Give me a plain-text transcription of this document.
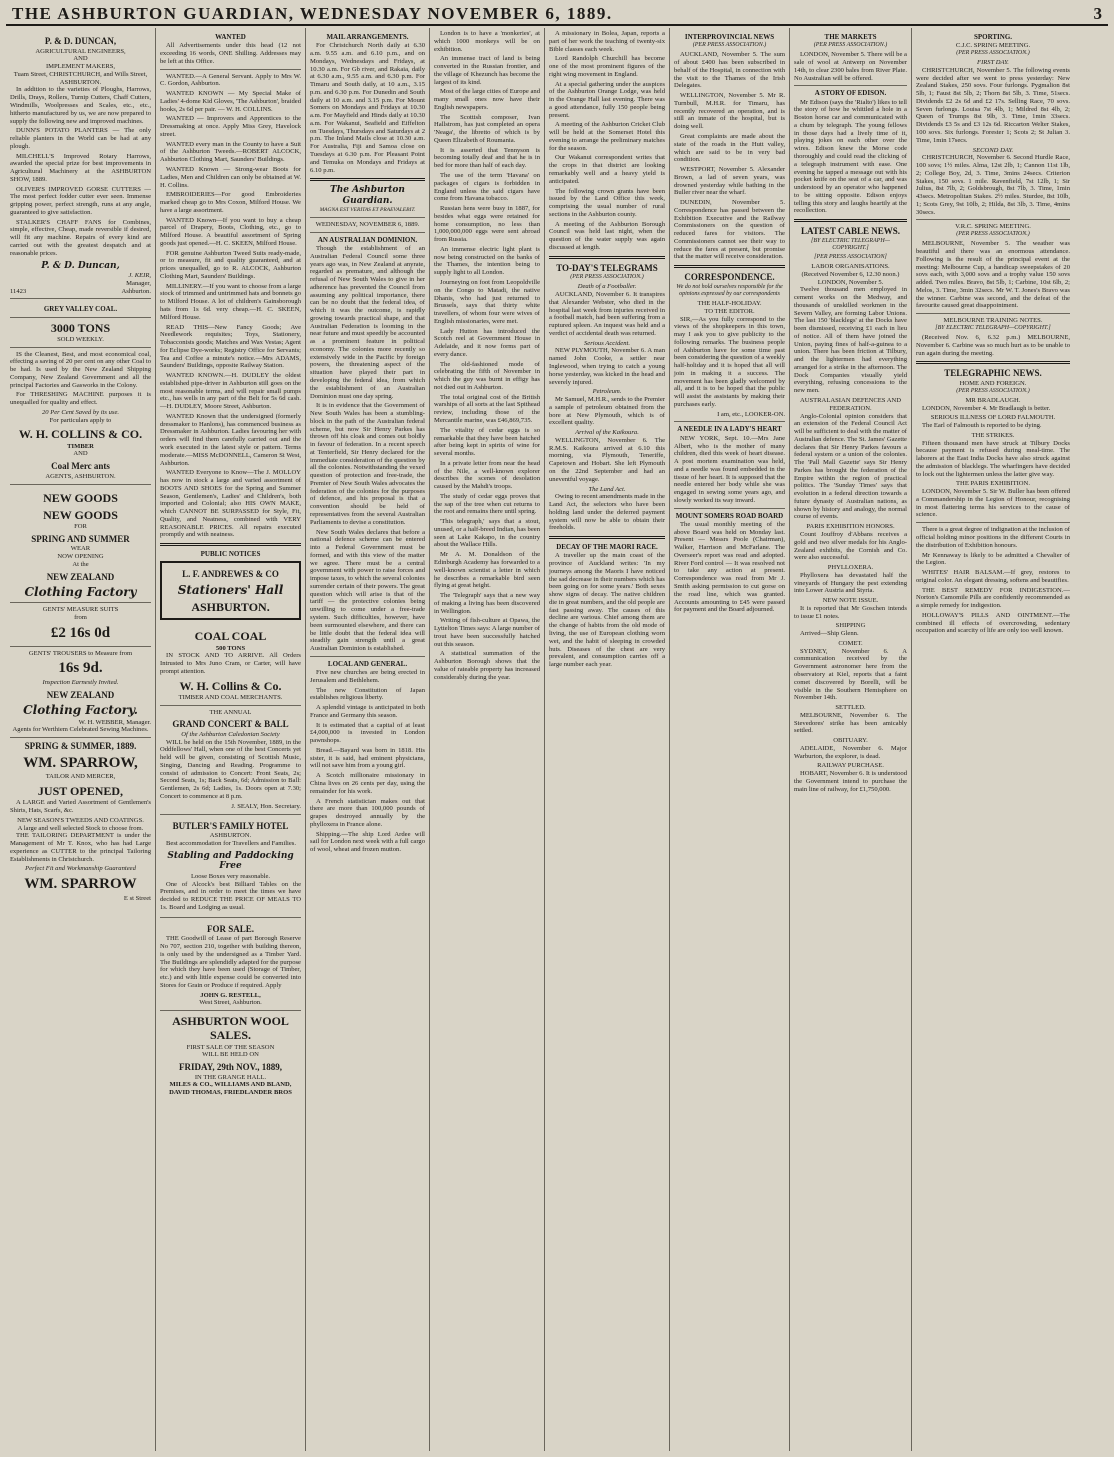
THE ASHBURTON GUARDIAN, WEDNESDAY NOVEMBER 6, 1889.	3
P. & D. DUNCAN,
AGRICULTURAL ENGINEERS,
AND
IMPLEMENT MAKERS,
Tuam Street, CHRISTCHURCH, and Wills Street, ASHBURTON.

In addition to the varieties of Ploughs, Harrows, Drills, Drays, Rollers, Turnip Cutters, Chaff Cutters, Windmills, Woolpresses and Scales, etc., etc., hitherto manufactured by us, we are now prepared to supply the following new and improved machines.

DUNN'S POTATO PLANTERS — The only reliable planters in the World can be had at any plough.

MILCHELL'S Improved Rotary Harrows, awarded the special prize for best improvements in Agricultural Machinery at the ASHBURTON SHOW, 1889.

OLIVER'S IMPROVED GORSE CUTTERS — The most perfect fodder cutter ever seen. Immense gripping power, perfect strength, runs at any angle, guaranteed to give satisfaction.

STALKER'S CHAFF FANS for Combines, simple, effective, Cheap, made reversible if desired, will fit any machine. Repairs of every kind are carried out with the greatest despatch and at reasonable prices.

P. & D. Duncan,
J. KEIR,
Manager,
11423	Ashburton.
GREY VALLEY COAL.
3000 TONS
SOLD WEEKLY.

IS the Cleanest, Best, and most economical coal, effecting a saving of 20 per cent on any other Coal to be had. Is used by the New Zealand Shipping Company, New Zealand Government and all the principal Factories and Gasworks in the Colony.

For THRESHING MACHINE purposes it is unequalled for quality and effect.

20 Per Cent Saved by its use.
For particulars apply to
W. H. COLLINS & CO.
TIMBER
AND
Coal Merc ants
AGENTS, ASHBURTON.
NEW GOODS
NEW GOODS
FOR
SPRING AND SUMMER
WEAR
NOW OPENING
At the
NEW ZEALAND
Clothing Factory
GENTS' MEASURE SUITS
from
£2 16s 0d
GENTS' TROUSERS to Measure from
16s 9d.
Inspection Earnestly Invited.
NEW ZEALAND
Clothing Factory.
W. H. WEBBER, Manager.
Agents for Werthiem Celebrated Sewing Machines.
SPRING & SUMMER, 1889.
WM. SPARROW,
TAILOR AND MERCER,
JUST OPENED,

A LARGE and Varied Assortment of Gentlemen's Shirts, Hats, Scarfs, &c.

NEW SEASON'S TWEEDS AND COATINGS.
A large and well selected Stock to choose from.

THE TAILORING DEPARTMENT is under the Management of Mr T. Knox, who has had Large experience as CUTTER to the principal Tailoring Establishments in Christchurch.

Perfect Fit and Workmanship Guaranteed
WM. SPARROW
E st Street
WANTED

All Advertisements under this head (12 not exceeding 16 words, ONE Shilling. Addresses may be left at this Office.

WANTED.—A General Servant. Apply to Mrs W. C. Gordon, Ashburton.

WANTED KNOWN — My Special Make of Ladies' 4-dome Kid Gloves, 'The Ashburton', braided hooks, 2s 6d per pair. — W. H. COLLINS.

WANTED — Improvers and Apprentices to the Dressmaking at once. Apply Miss Grey, Havelock street.

WANTED every man in the County to have a Suit of the Ashburton Tweeds.—ROBERT ALCOCK, Ashburton Clothing Mart, Saunders' Buildings.

WANTED Known — Strong-wear Boots for Ladies, Men and Children can only be obtained at W. H. Collins.

EMBROIDERIES—For good Embroideries marked cheap go to Mrs Coxon, Milford House. We have a large assortment.

WANTED Known—If you want to buy a cheap parcel of Drapery, Boots, Clothing, etc., go to Milford House. A beautiful assortment of Spring goods just opened.—H. C. SKEEN, Milford House.

FOR genuine Ashburton Tweed Suits ready-made, or to measure, fit and quality guaranteed, and at prices unequalled, go to R. ALCOCK, Ashburton Clothing Mart, Saunders' Buildings.

MILLINERY.—If you want to choose from a large stock of trimmed and untrimmed hats and bonnets go to Milford House. A lot of children's Gainsborough hats from 1s 6d. very cheap.—H. C. SKEEN, Milford House.

READ THIS—New Fancy Goods; Ave Needlework requisites; Toys, Stationery, Tobacconists goods; Matches and Wax Vestas; Agent for Eclipse Dye-works; Registry Office for Servants; Tea and Coffee a minute's notice.—Mrs ADAMS, Saunders' Buildings, opposite Railway Station.

WANTED KNOWN.—H. DUDLEY the oldest established pipe-driver in Ashburton still goes on the most reasonable terms, and will repair small pumps etc., has wells in any part of the Belt for 5s 6d cash.—H. DUDLEY, Moore Street, Ashburton.

WANTED Known that the undersigned (formerly dressmaker to Hanlons), has commenced business as Dressmaker in Ashburton. Ladies favouring her with orders will find them carefully carried out and the work executed in the latest style or pattern. Terms moderate.—MISS McDONNELL, Cameron St West, Ashburton.

WANTED Everyone to Know—The J. MOLLOY has now in stock a large and varied assortment of BOOTS AND SHOES for the Spring and Summer Season, Gentlemen's, Ladies' and Children's, both imported and Colonial; also HIS OWN MAKE, which CANNOT BE SURPASSED for Style, Fit, Quality, and Neatness, combined with VERY REASONABLE PRICES. All repairs executed promptly and with neatness.

PUBLIC NOTICES
L. F. ANDREWES & CO
Stationers' Hall
ASHBURTON.
COAL COAL
500 TONS

IN STOCK AND TO ARRIVE. All Orders Intrusted to Mrs Juno Cram, or Carter, will have prompt attention.

W. H. Collins & Co.
TIMBER AND COAL MERCHANTS.
THE ANNUAL
GRAND CONCERT & BALL
Of the Ashburton Caledonian Society

WILL be held on the 15th November, 1889, in the Oddfellows' Hall, when one of the best Concerts yet held will be given, consisting of Scottish Music, Singing, Dancing and Reading. Programme to consist of admission to Concert: Front Seats, 2s; Second Seats, 1s; Back Seats, 6d; Admission to Ball: Gentlemen, 2s 6d; Ladies, 1s. Doors open at 7.30; Concert to commence at 8 p.m.

J. SEALY, Hon. Secretary.
BUTLER'S FAMILY HOTEL
ASHBURTON.

Best accommodation for Travellers and Families.

Stabling and Paddocking Free
Loose Boxes very reasonable.

One of Alcock's best Billiard Tables on the Premises, and in order to meet the times we have decided to REDUCE THE PRICE OF MEALS TO 1s. Board and Lodging as usual.

FOR SALE.

THE Goodwill of Lease of part Borough Reserve No 707, section 210, together with building thereon, is only used by the undersigned as a Timber Yard. The Buildings are splendidly adapted for the purpose for which they have been used (Storage of Timber, etc.) and with little expense could be converted into Stores for Grain or Produce if required. Apply

JOHN G. RESTELL,
West Street, Ashburton.
ASHBURTON WOOL SALES.
FIRST SALE OF THE SEASON
WILL BE HELD ON
FRIDAY, 29th NOV., 1889,
IN THE GRANGE HALL.
MILES & CO., WILLIAMS AND BLAND, DAVID THOMAS, FRIEDLANDER BROS
MAIL ARRANGEMENTS.

For Christchurch North daily at 6.30 a.m. 9.55 a.m. and 6.10 p.m., and on Mondays, Wednesdays and Fridays, at 10.30 a.m. For Gb river, and Rakaia, daily at 6.30 a.m., 9.55 a.m. and 6.30 p.m. For Timaru and South daily, at 10 a.m., 3.15 p.m. and 6.30 p.m. For Dunedin and South daily at 10 a.m. and 3.15 p.m. For Mount Somers on Mondays and Fridays at 10.30 a.m. For Mayfield and Hinds daily at 10.30 a.m. For Wakanui, Seafield and Eiffelton on Tuesdays, Thursdays and Saturdays at 2 p.m. The Inland Mails close at 10.30 a.m. For Australia, Fiji and Samoa close on Tuesdays at 6.30 p.m. For Pleasant Point and Temuka on Mondays and Fridays at 6.10 p.m.

The Ashburton Guardian.
MAGNA EST VERITAS ET PRAEVALEBIT.
WEDNESDAY, NOVEMBER 6, 1889.
AN AUSTRALIAN DOMINION.

Though the establishment of an Australian Federal Council some three years ago was, in New Zealand at anyrate, regarded as premature, and although the refusal of New South Wales to give in her adherence has prevented the Council from assuming any political importance, there can be no doubt that the federal idea, of which it was the outcome, is rapidly growing towards practical shape, and that Australian Federation is looming in the near future and must speedily be accounted as a prominent feature in political economy. The colonies more recently so extensively wide in the Pacific by foreign powers, the threatening aspect of the situation have played their part in developing the federal idea, from which the establishment of an Australian Dominion must one day spring.

It is in evidence that the Government of New South Wales has been a stumbling-block in the path of the Australian federal scheme, but now Sir Henry Parkes has thrown off his cloak and comes out boldly in favour of federation. In a recent speech at Tenterfield, Sir Henry declared for the immediate consideration of the question by all the colonies. Notwithstanding the vexed question of protection and free-trade, the Premier of New South Wales advocates the federation of the colonies for the purposes of defence, and his proposal is that a convention should be held of representatives from the several Australian Parliaments to devise a constitution.

New South Wales declares that before a national defence scheme can be entered into a Federal Government must be formed, and with this view of the matter we agree. There must be a central government with power to raise forces and impose taxes, to which the several colonies surrender certain of their powers. The great question which will arise is that of the tariff — the protective colonies being unwilling to come under a free-trade system. Such difficulties, however, have been surmounted elsewhere, and there can be little doubt that the federal idea will steadily gain strength until a great Australian Dominion is established.

LOCAL AND GENERAL.

Five new churches are being erected in Jerusalem and Bethlehem.

The new Constitution of Japan establishes religious liberty.

A splendid vintage is anticipated in both France and Germany this season.

It is estimated that a capital of at least £4,000,000 is invested in London pawnshops.

Bread.—Bayard was born in 1818. His sister, it is said, had eminent physicians, will not save him from a young girl.

A Scotch millionaire missionary in China lives on 26 cents per day, using the remainder for his work.

A French statistician makes out that there are more than 100,000 pounds of grapes destroyed annually by the phylloxera in France alone.

Shipping.—The ship Lord Ardee will sail for London next week with a full cargo of wool, wheat and frozen mutton.

London is to have a 'monkeries', at which 1000 monkeys will be on exhibition.

An immense tract of land is being converted in the Russian frontier, and the village of Khezunch has become the largest of its kind.

Most of the large cities of Europe and many small ones now have their English newspapers.

The Scottish composer, Ivan Hallstrom, has just completed an opera 'Neaga', the libretto of which is by Queen Elizabeth of Roumania.

It is asserted that Tennyson is becoming totally deaf and that he is in bed for more than half of each day.

The use of the term 'Havana' on packages of cigars is forbidden in England unless the said cigars have come from Havana tobacco.

Russian hens were busy in 1887, for besides what eggs were retained for home consumption, no less than 1,000,000,000 eggs were sent abroad from Russia.

An immense electric light plant is now being constructed on the banks of the Thames, the intention being to supply light to all London.

Journeying on foot from Leopoldville on the Congo to Matadi, the native Dhanis, who had just returned to Brussels, says that thirty white travellers, of whom four were wives of English missionaries, were met.

Lady Hutton has introduced the Scotch reel at Government House in Adelaide, and it now forms part of every dance.

The old-fashioned mode of celebrating the fifth of November in which the guy was burnt in effigy has not died out in Ashburton.

The total original cost of the British warships of all sorts at the last Spithead review, including those of the Mercantile marine, was £46,869,735.

The vitality of cedar eggs is so remarkable that they have been hatched after being kept in spirits of wine for several months.

In a private letter from near the head of the Nile, a well-known explorer describes the scenes of desolation caused by the Mahdi's troops.

The study of cedar eggs proves that the sap of the tree when cut returns to the root and remains there until spring.

'This telegraph,' says that a stout, unused, or a half-breed Indian, has been seen at Lake Kakapo, in the country about the Wallace Hills.

Mr A. M. Donaldson of the Edinburgh Academy has forwarded to a well-known scientist a letter in which he describes a remarkable bird seen flying at great height.

The 'Telegraph' says that a new way of making a living has been discovered in Wellington.

Writing of fish-culture at Opawa, the Lyttelton Times says: A large number of trout have been successfully hatched out this season.

A statistical summation of the Ashburton Borough shows that the value of rateable property has increased considerably during the year.

A missionary in Bolea, Japan, reports a part of her work the teaching of twenty-six Bible classes each week.

Lord Randolph Churchill has become one of the most prominent figures of the right wing movement in England.

At a special gathering under the auspices of the Ashburton Orange Lodge, was held in the Orange Hall last evening. There was a good attendance, fully 150 people being present.

A meeting of the Ashburton Cricket Club will be held at the Somerset Hotel this evening to arrange the preliminary matches for the season.

Our Wakanui correspondent writes that the crops in that district are looking remarkably well and a heavy yield is anticipated.

The following crown grants have been issued by the Land Office this week, comprising the usual number of rural sections in the Ashburton county.

A meeting of the Ashburton Borough Council was held last night, when the question of the water supply was again discussed at length.

TO-DAY'S TELEGRAMS
(PER PRESS ASSOCIATION.)
Death of a Footballer.

AUCKLAND, November 6. It transpires that Alexander Webster, who died in the hospital last week from injuries received in a football match, had been suffering from a ruptured spleen. An inquest was held and a verdict of accidental death was returned.

Serious Accident.

NEW PLYMOUTH, November 6. A man named John Cooke, a settler near Inglewood, when trying to catch a young horse yesterday, was kicked in the head and severely injured.

Petroleum.

Mr Samuel, M.H.R., sends to the Premier a sample of petroleum obtained from the bore at New Plymouth, which is of excellent quality.

Arrival of the Kaikoura.

WELLINGTON, November 6. The R.M.S. Kaikoura arrived at 6.10 this morning, via Plymouth, Teneriffe, Capetown and Hobart. She left Plymouth on the 22nd September and had an uneventful voyage.

The Land Act.

Owing to recent amendments made in the Land Act, the selectors who have been holding land under the deferred payment system will now be able to obtain their freeholds.

DECAY OF THE MAORI RACE.

A traveller up the main coast of the province of Auckland writes: 'In my journeys among the Maoris I have noticed the sad decrease in their numbers which has been going on for some years.' Both sexes show signs of decay. The native children die in great numbers, and the old people are fast passing away. The causes of this decline are various. Chief among them are the change of habits from the old mode of living, the use of European clothing worn wet, and the habit of sleeping in crowded huts. Diseases of the chest are very prevalent, and consumption carries off a large number each year.

INTERPROVINCIAL NEWS
(PER PRESS ASSOCIATION.)

AUCKLAND, November 5. The sum of about £400 has been subscribed in behalf of the Hospital, in connection with the visit to the Thames of the Irish Delegates.

WELLINGTON, November 5. Mr R. Turnbull, M.H.R. for Timaru, has recently recovered an operation, and is still an inmate of the hospital, but is doing well.

Great complaints are made about the state of the roads in the Hutt valley, which are said to be in very bad condition.

WESTPORT, November 5. Alexander Brown, a lad of seven years, was drowned yesterday while bathing in the Buller river near the wharf.

DUNEDIN, November 5. Correspondence has passed between the Exhibition Executive and the Railway Commissioners on the question of reduced fares for visitors. The Commissioners cannot see their way to reduce the fares at present, but promise that the matter will receive consideration.

CORRESPONDENCE.
We do not hold ourselves responsible for the opinions expressed by our correspondents
THE HALF-HOLIDAY.
TO THE EDITOR.

SIR,—As you fully correspond to the views of the shopkeepers in this town, may I ask you to give publicity to the following remarks. The business people of Ashburton have for some time past been considering the question of a weekly half-holiday and it is hoped that all will join in making it a success. The movement has been gladly welcomed by all, and it is to be hoped that the public will assist the assistants by making their purchases early.

I am, etc., LOOKER-ON.
A NEEDLE IN A LADY'S HEART

NEW YORK, Sept. 10.—Mrs Jane Albert, who is the mother of many children, died this week of heart disease. A post mortem examination was held, and a needle was found embedded in the tissue of her heart. It is supposed that the needle entered her body while she was engaged in sewing some years ago, and slowly worked its way inward.

MOUNT SOMERS ROAD BOARD

The usual monthly meeting of the above Board was held on Monday last. Present — Messrs Poole (Chairman), Walker, Harrison and McFarlane. The Overseer's report was read and adopted. River Ford control — It was resolved not to take any action at present. Correspondence was read from Mr J. Smith asking permission to cut gorse on the road line, which was granted. Accounts amounting to £45 were passed for payment and the Board adjourned.

THE MARKETS
(PER PRESS ASSOCIATION.)

LONDON, November 5. There will be a sale of wool at Antwerp on November 14th, to clear 2300 bales from River Plate. No Australian will be offered.

A STORY OF EDISON.

Mr Edison (says the 'Rialto') likes to tell the story of how he whittled a hole in a Boston horse car and communicated with a chum by telegraph. The young fellows in those days had a lively time of it, playing jokes on each other over the wires. Edison knew the Morse code thoroughly and could read the clicking of a telegraph instrument with ease. One evening he tapped a message out with his pocket knife on the seat of a car, and was understood by an operator who happened to be sitting opposite. Edison enjoys telling this story and laughs heartily at the recollection.

LATEST CABLE NEWS.
[BY ELECTRIC TELEGRAPH—COPYRIGHT.]
[PER PRESS ASSOCIATION]
LABOR ORGANISATIONS.
(Received November 6, 12.30 noon.) LONDON, November 5.

Twelve thousand men employed in cement works on the Medway, and thousands of unskilled workmen in the Severn Valley, are forming Labor Unions. The last 150 'blacklegs' at the Docks have been dismissed, receiving £1 each in lieu of notice. All of them have joined the Union, paying fines of half-a-guinea to a union. There has been friction at Tilbury, and the lightermen had everything arranged for a strike in the afternoon. The Dock Companies visually yield everything, refusing concessions to the new men.

AUSTRALASIAN DEFENCES AND FEDERATION.

Anglo-Colonial opinion considers that an extension of the Federal Council Act will be sufficient to deal with the matter of Australian defence. The St. James' Gazette declares that Sir Henry Parkes favours a federal system or a union of the colonies. The 'Pall Mall Gazette' says Sir Henry Parkes has brought the federation of the Empire within the region of practical politics. The 'Sunday Times' says that evolution in a federal direction towards a future dynasty of Australian nations, as shown by history and analogy, the normal course of events.

PARIS EXHIBITION HONORS.

Count Jouffroy d'Abbans receives a gold and two silver medals for his Anglo-Zealand exhibits, the Cornish and Co. were also successful.

PHYLLOXERA.

Phylloxera has devastated half the vineyards of Hungary the pest extending into Lower Austria and Styria.

NEW NOTE ISSUE.

It is reported that Mr Goschen intends to issue £1 notes.

SHIPPING

Arrived—Ship Glenn.

COMET.

SYDNEY, November 6. A communication received by the Government astronomer here from the observatory at Kiel, reports that a faint comet discovered by Borelli, will be visible in the Southern Hemisphere on November 14th.

SETTLED.

MELBOURNE, November 6. The Stevedores' strike has been amicably settled.

OBITUARY.

ADELAIDE, November 6. Major Warburton, the explorer, is dead.

RAILWAY PURCHASE.

HOBART, November 6. It is understood the Government intend to purchase the main line of railway, for £1,750,000.

SPORTING.
C.J.C. SPRING MEETING.
(PER PRESS ASSOCIATION.)
FIRST DAY.

CHRISTCHURCH, November 5. The following events were decided after we went to press yesterday: New Zealand Stakes, 250 sovs. Four furlongs. Pygmalion 8st 5lb, 1; Faust 8st 5lb, 2; Thorn 8st 5lb, 3. Time, 51secs. Dividends £2 2s 6d and £2 17s. Selling Race, 70 sovs. Seven furlongs. Louisa 7st 4lb, 1; Mildred 8st 4lb, 2; Queen of Trumps 8st 9lb, 3. Time, 1min 33secs. Dividends £3 5s and £3 12s 6d. Riccarton Welter Stakes, 100 sovs. Six furlongs. Forester 1; Scots 2; St Julian 3. Time, 1min 17secs.

SECOND DAY.

CHRISTCHURCH, November 6. Second Hurdle Race, 100 sovs; 1½ miles. Alma, 12st 2lb, 1; Cannon 11st 1lb, 2; College Boy, 2d, 3. Time, 3mins 24secs. Criterion Stakes, 150 sovs. 1 mile. Ravenfield, 7st 12lb, 1; Sir Julius, 8st 7lb, 2; Goldsbrough, 8st 7lb, 3. Time, 1min 43secs. Metropolitan Stakes. 2½ miles. Sturdee, 8st 10lb, 1; Scots Grey, 9st 10lb, 2; Hilda, 8st 3lb, 3. Time, 4mins 30secs.

V.R.C. SPRING MEETING.
(PER PRESS ASSOCIATION.)

MELBOURNE, November 5. The weather was beautiful and there was an enormous attendance. Following is the result of the principal event at the meeting: Melbourne Cup, a handicap sweepstakes of 20 sovs each, with 3,000 sovs and a trophy value 150 sovs added. Two miles. Bravo, 8st 5lb, 1; Carbine, 10st 6lb, 2; Melos, 3. Time, 3min 32secs. Mr W. T. Jones's Bravo was the winner. Carbine was second, and the defeat of the favourite caused great disappointment.

MELBOURNE TRAINING NOTES.
[BY ELECTRIC TELEGRAPH—COPYRIGHT.]

(Received Nov. 6, 6.32 p.m.) MELBOURNE, November 6. Carbine was so much hurt as to be unable to run again during the meeting.

TELEGRAPHIC NEWS.
HOME AND FOREIGN.
(PER PRESS ASSOCIATION.)
MR BRADLAUGH.

LONDON, November 4. Mr Bradlaugh is better.

SERIOUS ILLNESS OF LORD FALMOUTH.

The Earl of Falmouth is reported to be dying.

THE STRIKES.

Fifteen thousand men have struck at Tilbury Docks because payment is refused during meal-time. The laborers at the East India Docks have also struck against the admission of blacklegs. The wharfingers have decided to lock out the lightermen unless the latter give way.

THE PARIS EXHIBITION.

LONDON, November 5. Sir W. Buller has been offered a Commandership in the Legion of Honour, recognising in most flattering terms his services to the cause of science.

There is a great degree of indignation at the inclusion of official holding minor positions in the different Courts in the distribution of Exhibition honours.

Mr Kennaway is likely to be admitted a Chevalier of the Legion.

WHITES' HAIR BALSAM.—If grey, restores to original color. An elegant dressing, softens and beautifies.

THE BEST REMEDY FOR INDIGESTION.—Norton's Camomile Pills are confidently recommended as a simple remedy for indigestion.

HOLLOWAY'S PILLS AND OINTMENT.—The combined ill effects of overcrowding, sedentary occupation and scarcity of life are only too well known.
